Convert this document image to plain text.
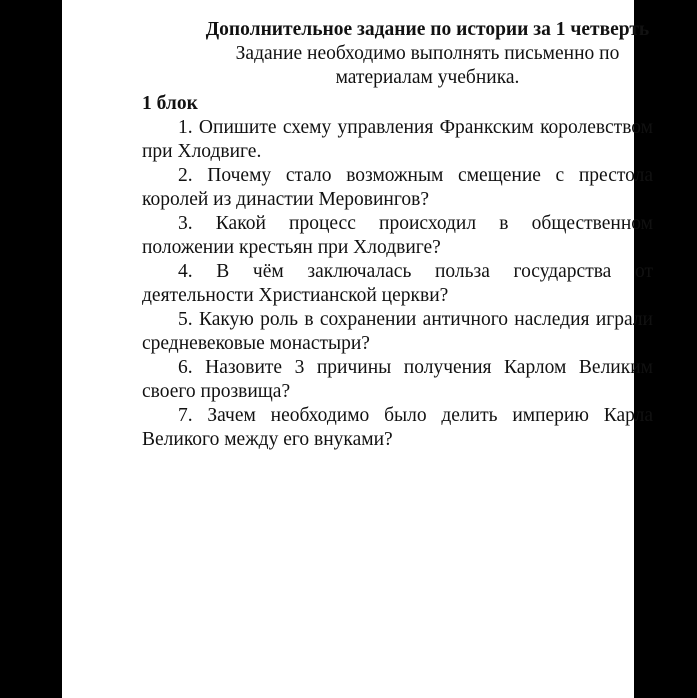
Дополнительное задание по истории за 1 четверть

Задание необходимо выполнять письменно по материалам учебника.

1 блок

1. Опишите схему управления Франкским королевством при Хлодвиге.
2. Почему стало возможным смещение с престола королей из династии Меровингов?
3. Какой процесс происходил в общественном положении крестьян при Хлодвиге?
4. В чём заключалась польза государства от деятельности Христианской церкви?
5. Какую роль в сохранении античного наследия играли средневековые монастыри?
6. Назовите 3 причины получения Карлом Великим своего прозвища?
7. Зачем необходимо было делить империю Карла Великого между его внуками?
